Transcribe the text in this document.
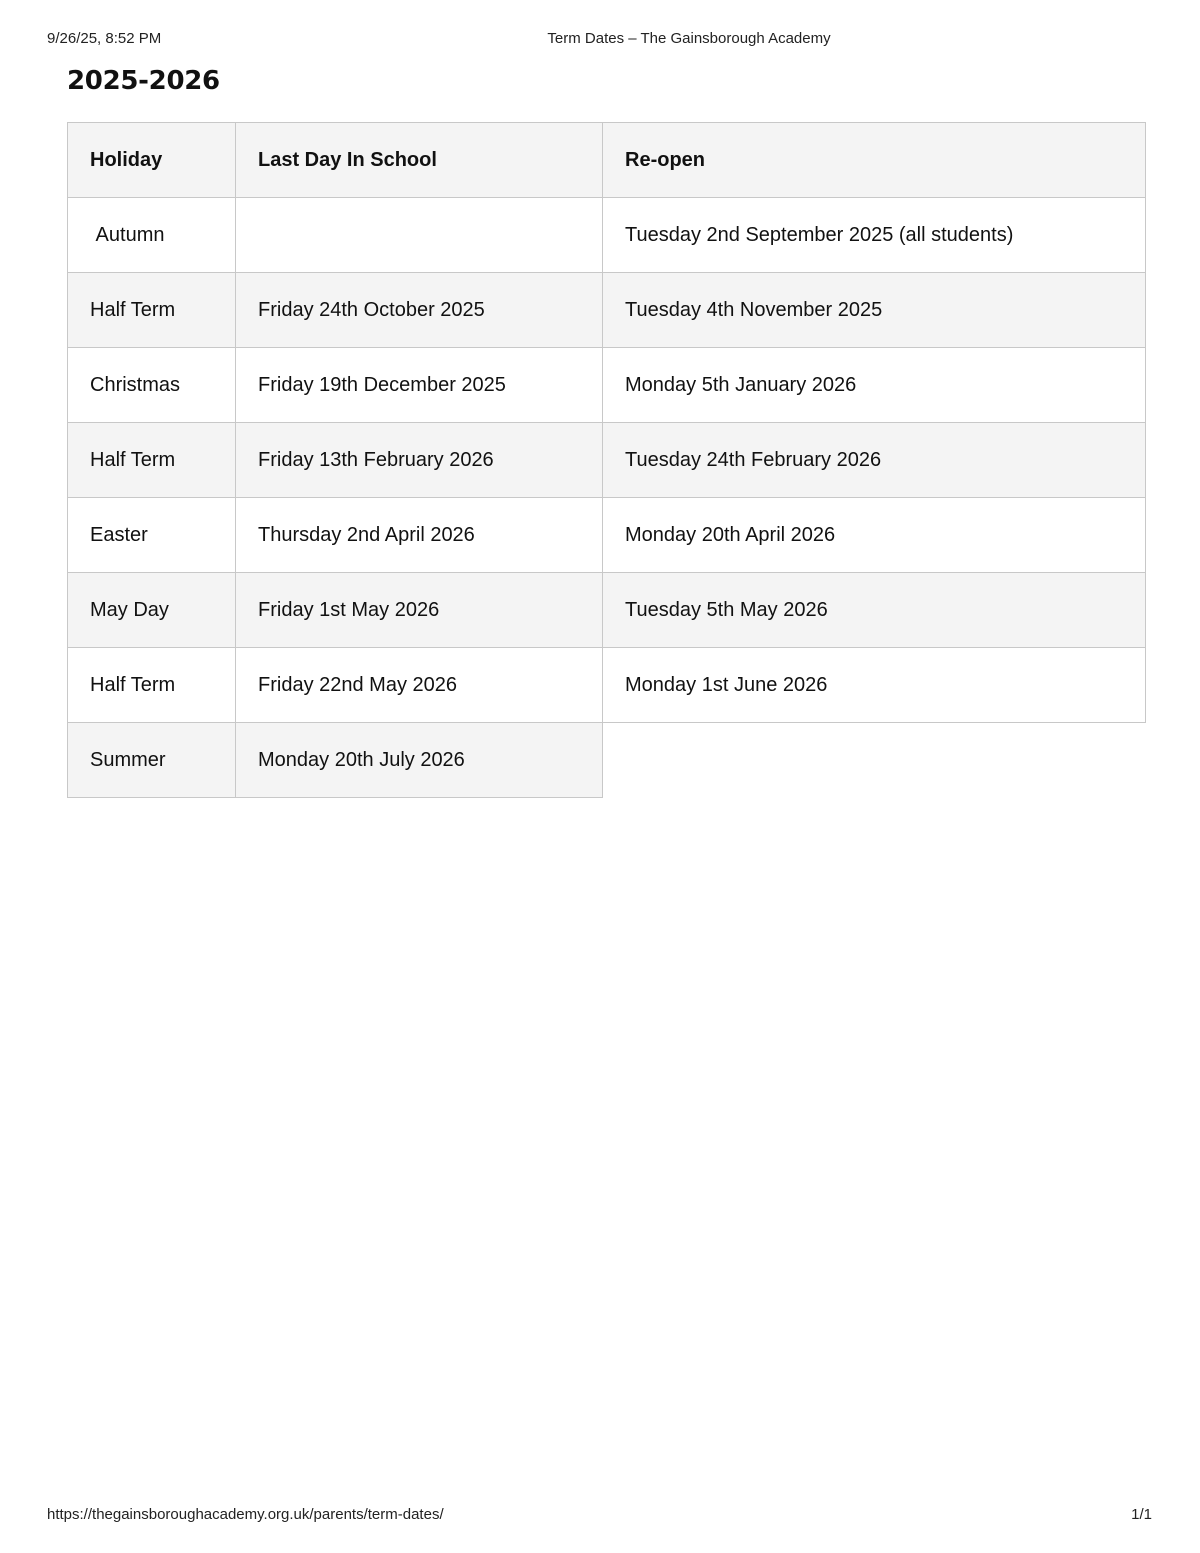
9/26/25, 8:52 PM	Term Dates – The Gainsborough Academy
2025-2026
Holiday	Last Day In School	Re-open
Autumn		Tuesday 2nd September 2025 (all students)
Half Term	Friday 24th October 2025	Tuesday 4th November 2025
Christmas	Friday 19th December 2025	Monday 5th January 2026
Half Term	Friday 13th February 2026	Tuesday 24th February 2026
Easter	Thursday 2nd April 2026	Monday 20th April 2026
May Day	Friday 1st May 2026	Tuesday 5th May 2026
Half Term	Friday 22nd May 2026	Monday 1st June 2026
Summer	Monday 20th July 2026	
https://thegainsboroughacademy.org.uk/parents/term-dates/	1/1
